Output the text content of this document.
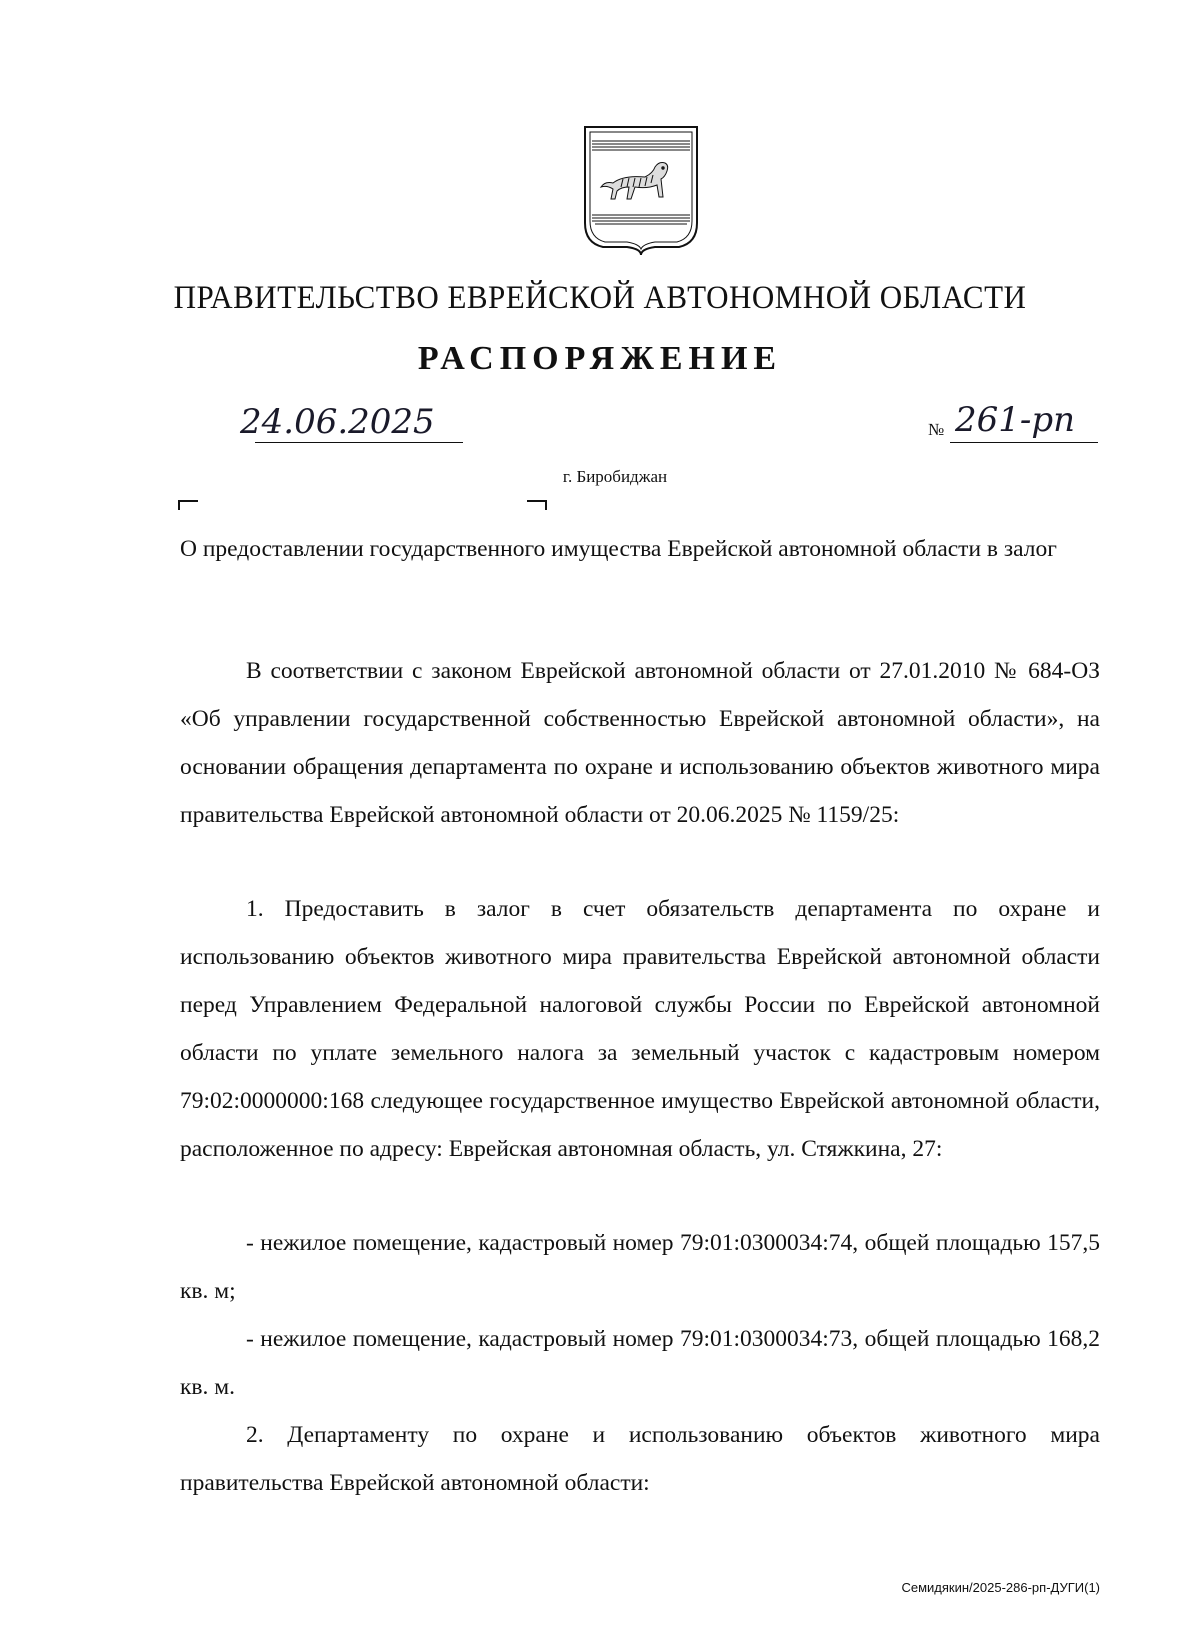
ПРАВИТЕЛЬСТВО ЕВРЕЙСКОЙ АВТОНОМНОЙ ОБЛАСТИ
РАСПОРЯЖЕНИЕ
24.06.2025	№ 261-рп
г. Биробиджан
О предоставлении государственного имущества Еврейской автономной области в залог
В соответствии с законом Еврейской автономной области от 27.01.2010 № 684-ОЗ «Об управлении государственной собственностью Еврейской автономной области», на основании обращения департамента по охране и использованию объектов животного мира правительства Еврейской автономной области от 20.06.2025 № 1159/25:
1. Предоставить в залог в счет обязательств департамента по охране и использованию объектов животного мира правительства Еврейской автономной области перед Управлением Федеральной налоговой службы России по Еврейской автономной области по уплате земельного налога за земельный участок с кадастровым номером 79:02:0000000:168 следующее государственное имущество Еврейской автономной области, расположенное по адресу: Еврейская автономная область, ул. Стяжкина, 27:
- нежилое помещение, кадастровый номер 79:01:0300034:74, общей площадью 157,5 кв. м;
- нежилое помещение, кадастровый номер 79:01:0300034:73, общей площадью 168,2 кв. м.
2. Департаменту по охране и использованию объектов животного мира правительства Еврейской автономной области:
Семидякин/2025-286-рп-ДУГИ(1)
